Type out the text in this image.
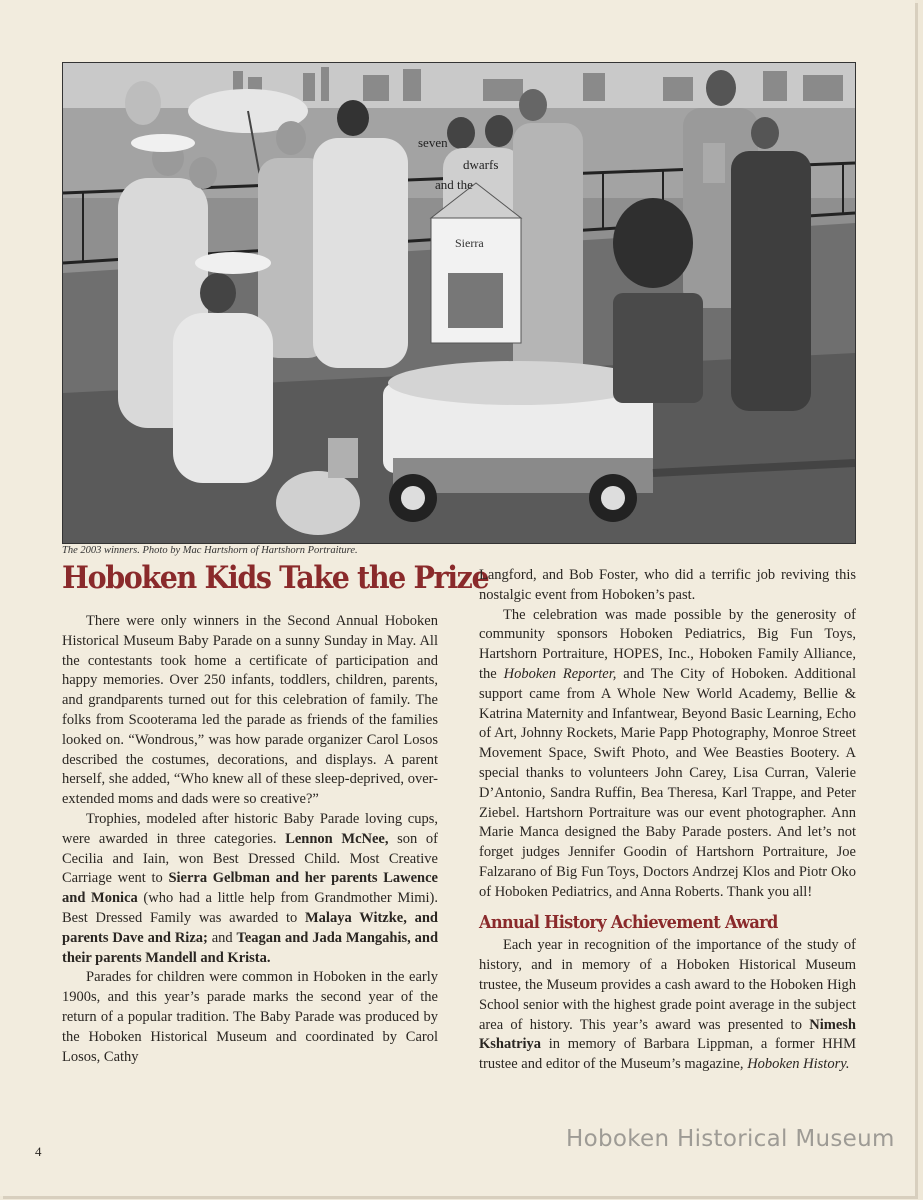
seven
dwarfs
and the
Sierra
The 2003 winners. Photo by Mac Hartshorn of Hartshorn Portraiture.
Hoboken Kids Take the Prize

There were only winners in the Second Annual Hoboken Historical Museum Baby Parade on a sunny Sunday in May. All the contestants took home a certificate of participation and happy memories. Over 250 infants, toddlers, children, parents, and grandparents turned out for this celebration of family. The folks from Scooterama led the parade as friends of the families looked on. “Wondrous,” was how parade organizer Carol Losos described the costumes, decorations, and displays. A parent herself, she added, “Who knew all of these sleep-deprived, over-extended moms and dads were so creative?”

Trophies, modeled after historic Baby Parade loving cups, were awarded in three categories. Lennon McNee, son of Cecilia and Iain, won Best Dressed Child. Most Creative Carriage went to Sierra Gelbman and her parents Lawence and Monica (who had a little help from Grandmother Mimi). Best Dressed Family was awarded to Malaya Witzke, and parents Dave and Riza; and Teagan and Jada Mangahis, and their parents Mandell and Krista.

Parades for children were common in Hoboken in the early 1900s, and this year’s parade marks the second year of the return of a popular tradition. The Baby Parade was produced by the Hoboken Historical Museum and coordinated by Carol Losos, Cathy

Langford, and Bob Foster, who did a terrific job reviving this nostalgic event from Hoboken’s past.

The celebration was made possible by the generosity of community sponsors Hoboken Pediatrics, Big Fun Toys, Hartshorn Portraiture, HOPES, Inc., Hoboken Family Alliance, the Hoboken Reporter, and The City of Hoboken. Additional support came from A Whole New World Academy, Bellie & Katrina Maternity and Infantwear, Beyond Basic Learning, Echo of Art, Johnny Rockets, Marie Papp Photography, Monroe Street Movement Space, Swift Photo, and Wee Beasties Bootery. A special thanks to volunteers John Carey, Lisa Curran, Valerie D’Antonio, Sandra Ruffin, Bea Theresa, Karl Trappe, and Peter Ziebel. Hartshorn Portraiture was our event photographer. Ann Marie Manca designed the Baby Parade posters. And let’s not forget judges Jennifer Goodin of Hartshorn Portraiture, Joe Falzarano of Big Fun Toys, Doctors Andrzej Klos and Piotr Oko of Hoboken Pediatrics, and Anna Roberts. Thank you all!

Annual History Achievement Award

Each year in recognition of the importance of the study of history, and in memory of a Hoboken Historical Museum trustee, the Museum provides a cash award to the Hoboken High School senior with the highest grade point average in the subject area of history. This year’s award was presented to Nimesh Kshatriya in memory of Barbara Lippman, a former HHM trustee and editor of the Museum’s magazine, Hoboken History.

4	Hoboken Historical Museum
